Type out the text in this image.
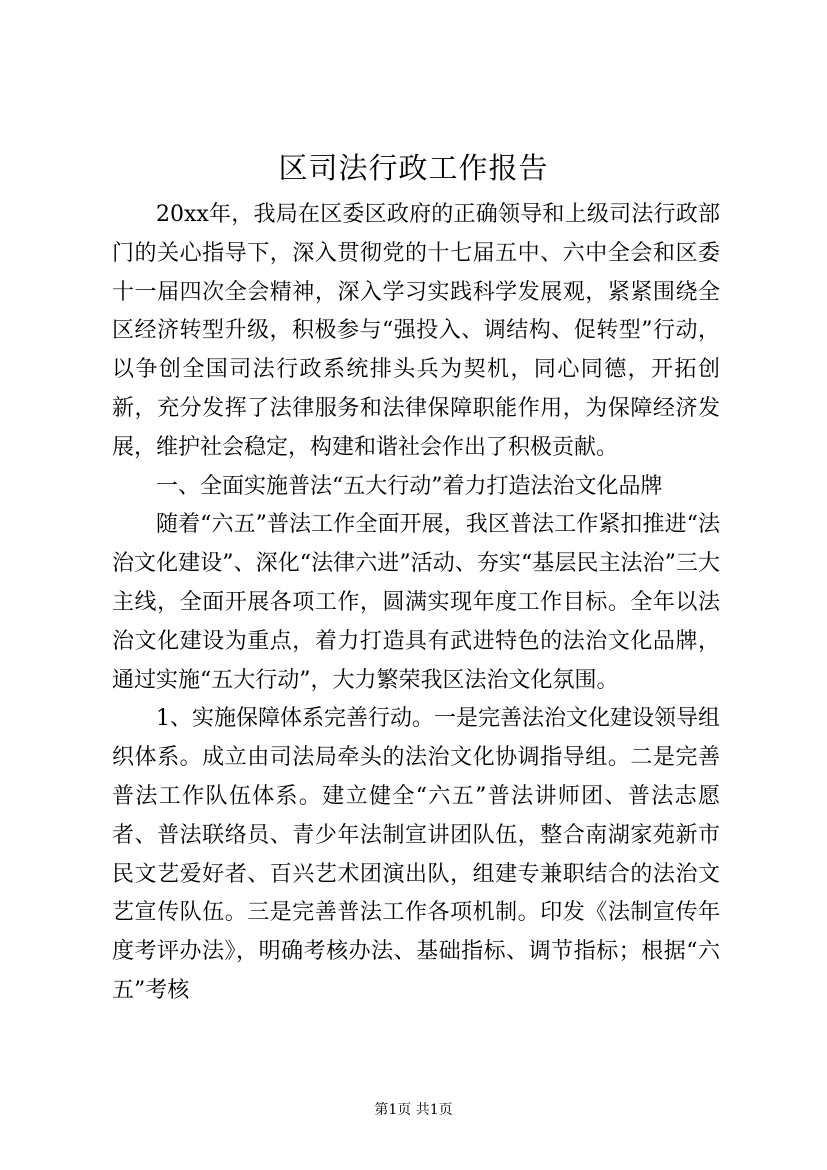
区司法行政工作报告

20xx年，我局在区委区政府的正确领导和上级司法行政部门的关心指导下，深入贯彻党的十七届五中、六中全会和区委十一届四次全会精神，深入学习实践科学发展观，紧紧围绕全区经济转型升级，积极参与“强投入、调结构、促转型”行动，以争创全国司法行政系统排头兵为契机，同心同德，开拓创新，充分发挥了法律服务和法律保障职能作用，为保障经济发展，维护社会稳定，构建和谐社会作出了积极贡献。

一、全面实施普法“五大行动”着力打造法治文化品牌

随着“六五”普法工作全面开展，我区普法工作紧扣推进“法治文化建设”、深化“法律六进”活动、夯实“基层民主法治”三大主线，全面开展各项工作，圆满实现年度工作目标。全年以法治文化建设为重点，着力打造具有武进特色的法治文化品牌，通过实施“五大行动”，大力繁荣我区法治文化氛围。

1、实施保障体系完善行动。一是完善法治文化建设领导组织体系。成立由司法局牵头的法治文化协调指导组。二是完善普法工作队伍体系。建立健全“六五”普法讲师团、普法志愿者、普法联络员、青少年法制宣讲团队伍，整合南湖家苑新市民文艺爱好者、百兴艺术团演出队，组建专兼职结合的法治文艺宣传队伍。三是完善普法工作各项机制。印发《法制宣传年度考评办法》，明确考核办法、基础指标、调节指标；根据“六五”考核

第1页 共1页
